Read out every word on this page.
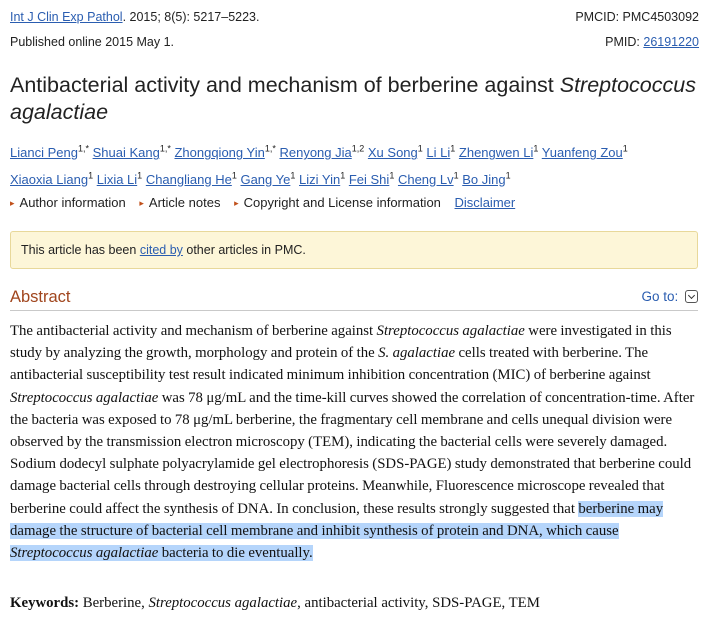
Int J Clin Exp Pathol. 2015; 8(5): 5217–5223.
Published online 2015 May 1.
PMCID: PMC4503092
PMID: 26191220
Antibacterial activity and mechanism of berberine against Streptococcus agalactiae
Lianci Peng$^{1,*}$ Shuai Kang$^{1,*}$ Zhongqiong Yin$^{1,*}$ Renyong Jia$^{1,2}$ Xu Song$^1$ Li Li$^1$ Zhengwen Li$^1$ Yuanfeng Zou$^1$
Xiaoxia Liang$^1$ Lixia Li$^1$ Changliang He$^1$ Gang Ye$^1$ Lizi Yin$^1$ Fei Shi$^1$ Cheng Lv$^1$ Bo Jing$^1$
▸ Author information ▸ Article notes ▸ Copyright and License information Disclaimer
This article has been cited by other articles in PMC.
Abstract	Go to:

The antibacterial activity and mechanism of berberine against Streptococcus agalactiae were investigated in this study by analyzing the growth, morphology and protein of the S. agalactiae cells treated with berberine. The antibacterial susceptibility test result indicated minimum inhibition concentration (MIC) of berberine against Streptococcus agalactiae was 78 μg/mL and the time-kill curves showed the correlation of concentration-time. After the bacteria was exposed to 78 μg/mL berberine, the fragmentary cell membrane and cells unequal division were observed by the transmission electron microscopy (TEM), indicating the bacterial cells were severely damaged. Sodium dodecyl sulphate polyacrylamide gel electrophoresis (SDS-PAGE) study demonstrated that berberine could damage bacterial cells through destroying cellular proteins. Meanwhile, Fluorescence microscope revealed that berberine could affect the synthesis of DNA. In conclusion, these results strongly suggested that berberine may damage the structure of bacterial cell membrane and inhibit synthesis of protein and DNA, which cause Streptococcus agalactiae bacteria to die eventually.

Keywords: Berberine, Streptococcus agalactiae, antibacterial activity, SDS-PAGE, TEM
